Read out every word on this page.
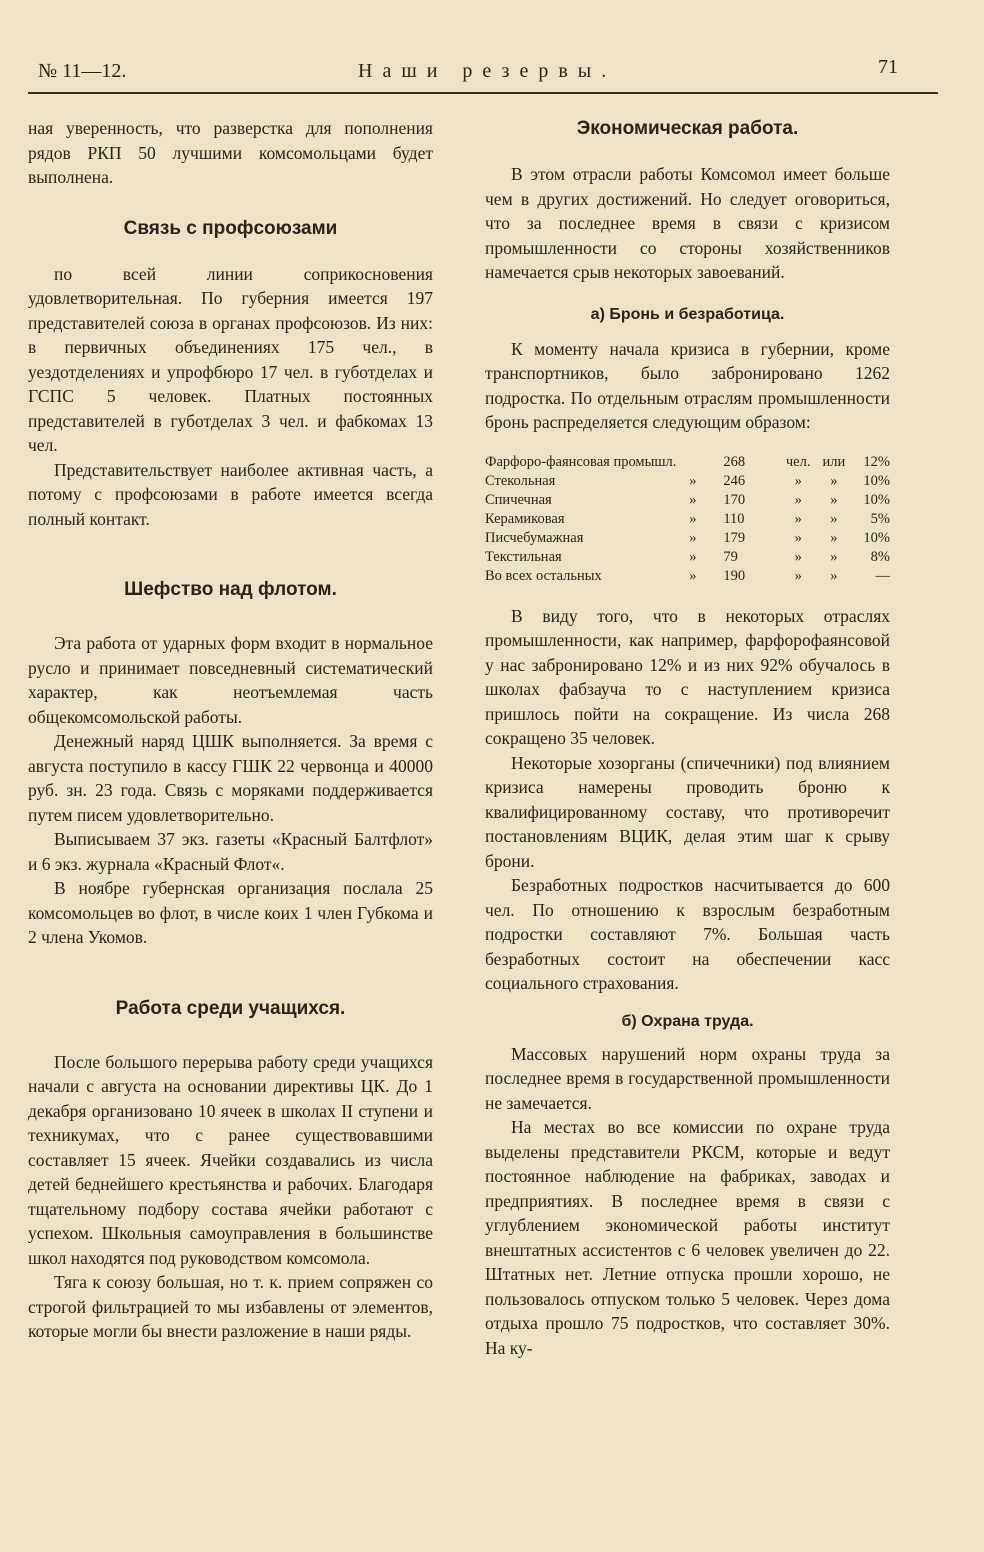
№ 11—12.	Наши резервы.	71

ная уверенность, что разверстка для пополнения рядов РКП 50 лучшими комсомольцами будет выполнена.

Связь с профсоюзами

по всей линии соприкосновения удовлетворительная. По губерния имеется 197 представителей союза в органах профсоюзов. Из них: в первичных объединениях 175 чел., в уездотделениях и упрофбюро 17 чел. в губотделах и ГСПС 5 человек. Платных постоянных представителей в губотделах 3 чел. и фабкомах 13 чел.

Представительствует наиболее активная часть, а потому с профсоюзами в работе имеется всегда полный контакт.

Шефство над флотом.

Эта работа от ударных форм входит в нормальное русло и принимает повседневный систематический характер, как неотъемлемая часть общекомсомольской работы.

Денежный наряд ЦШК выполняется. За время с августа поступило в кассу ГШК 22 червонца и 40000 руб. зн. 23 года. Связь с моряками поддерживается путем писем удовлетворительно.

Выписываем 37 экз. газеты «Красный Балтфлот» и 6 экз. журнала «Красный Флот«.

В ноябре губернская организация послала 25 комсомольцев во флот, в числе коих 1 член Губкома и 2 члена Укомов.

Работа среди учащихся.

После большого перерыва работу среди учащихся начали с августа на основании директивы ЦК. До 1 декабря организовано 10 ячеек в школах II ступени и техникумах, что с ранее существовавшими составляет 15 ячеек. Ячейки создавались из числа детей беднейшего крестьянства и рабочих. Благодаря тщательному подбору состава ячейки работают с успехом. Школьныя самоуправления в большинстве школ находятся под руководством комсомола.

Тяга к союзу большая, но т. к. прием сопряжен со строгой фильтрацией то мы избавлены от элементов, которые могли бы внести разложение в наши ряды.

Экономическая работа.

В этом отрасли работы Комсомол имеет больше чем в других достижений. Но следует оговориться, что за последнее время в связи с кризисом промышленности со стороны хозяйственников намечается срыв некоторых завоеваний.

а) Бронь и безработица.

К моменту начала кризиса в губернии, кроме транспортников, было забронировано 1262 подростка. По отдельным отраслям промышленности бронь распределяется следующим образом:

Фарфоро-фаянсовая промышл.		268	чел.	или	12%
Стекольная	»	246	»	»	10%
Спичечная	»	170	»	»	10%
Керамиковая	»	110	»	»	5%
Писчебумажная	»	179	»	»	10%
Текстильная	»	79	»	»	8%
Во всех остальных	»	190	»	»	—

В виду того, что в некоторых отраслях промышленности, как например, фарфорофаянсовой у нас забронировано 12% и из них 92% обучалось в школах фабзауча то с наступлением кризиса пришлось пойти на сокращение. Из числа 268 сокращено 35 человек.

Некоторые хозорганы (спичечники) под влиянием кризиса намерены проводить броню к квалифицированному составу, что противоречит постановлениям ВЦИК, делая этим шаг к срыву брони.

Безработных подростков насчитывается до 600 чел. По отношению к взрослым безработным подростки составляют 7%. Большая часть безработных состоит на обеспечении касс социального страхования.

б) Охрана труда.

Массовых нарушений норм охраны труда за последнее время в государственной промышленности не замечается.

На местах во все комиссии по охране труда выделены представители РКСМ, которые и ведут постоянное наблюдение на фабриках, заводах и предприятиях. В последнее время в связи с углублением экономической работы институт внештатных ассистентов с 6 человек увеличен до 22. Штатных нет. Летние отпуска прошли хорошо, не пользовалось отпуском только 5 человек. Через дома отдыха прошло 75 подростков, что составляет 30%. На ку-
